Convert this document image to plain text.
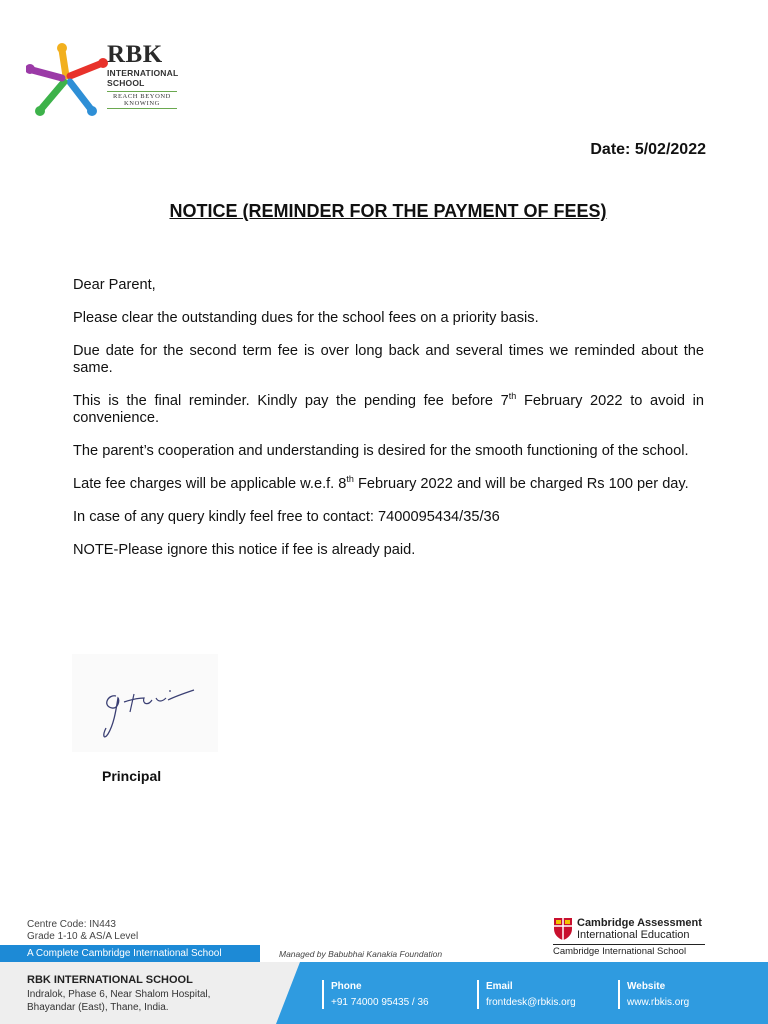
RBK
INTERNATIONAL
SCHOOL
REACH BEYOND
KNOWING
Date: 5/02/2022
NOTICE (REMINDER FOR THE PAYMENT OF FEES)

Dear Parent,

Please clear the outstanding dues for the school fees on a priority basis.

Due date for the second term fee is over long back and several times we reminded about the same.

This is the final reminder. Kindly pay the pending fee before 7th February 2022 to avoid in convenience.

The parent’s cooperation and understanding is desired for the smooth functioning of the school.

Late fee charges will be applicable w.e.f. 8th February 2022 and will be charged Rs 100 per day.

In case of any query kindly feel free to contact: 7400095434/35/36

NOTE-Please ignore this notice if fee is already paid.

Principal
Centre Code: IN443
Grade 1-10 & AS/A Level
A Complete Cambridge International School	Managed by Babubhai Kanakia Foundation
Cambridge Assessment
International Education
Cambridge International School
RBK INTERNATIONAL SCHOOL
Indralok, Phase 6, Near Shalom Hospital,
Bhayandar (East), Thane, India.
Phone
+91 74000 95435 / 36
Email
frontdesk@rbkis.org
Website
www.rbkis.org
